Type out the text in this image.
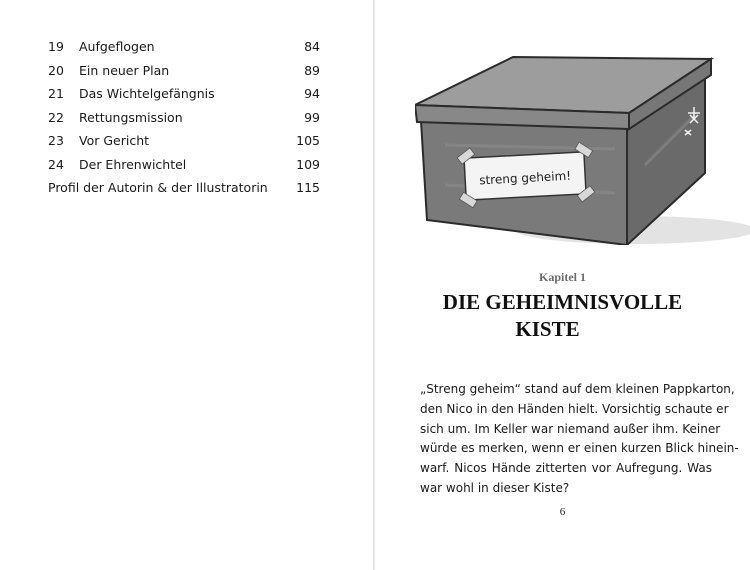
19 Aufgeflogen	84
20 Ein neuer Plan	89
21 Das Wichtelgefängnis	94
22 Rettungsmission	99
23 Vor Gericht	105
24 Der Ehrenwichtel	109
Profil der Autorin & der Illustratorin 115
streng geheim!
Kapitel 1
DIE GEHEIMNISVOLLE
KISTE
„Streng geheim“ stand auf dem kleinen Pappkarton,
den Nico in den Händen hielt. Vorsichtig schaute er
sich um. Im Keller war niemand außer ihm. Keiner
würde es merken, wenn er einen kurzen Blick hinein-
warf. Nicos Hände zitterten vor Aufregung. Was
war wohl in dieser Kiste?
6
